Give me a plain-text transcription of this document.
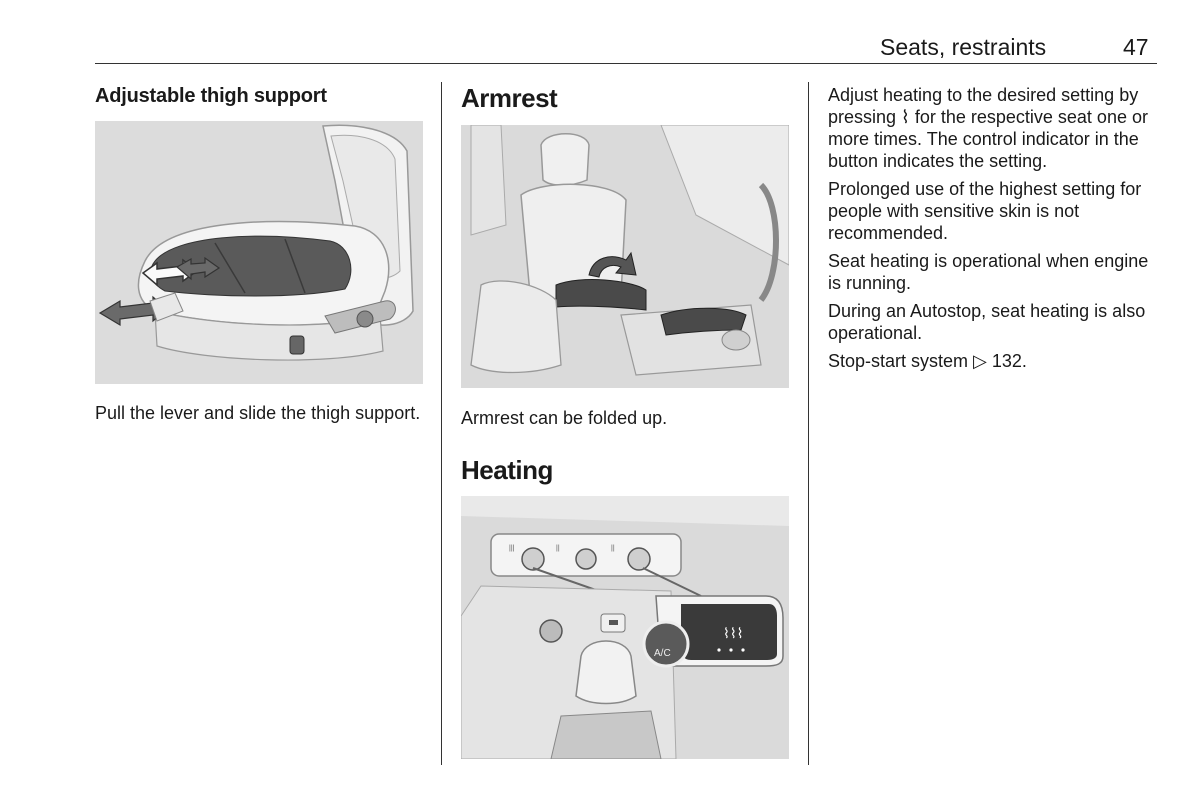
Seats, restraints	47
Adjustable thigh support
Pull the lever and slide the thigh support.
Armrest
Armrest can be folded up.
Heating
|||	||	||
A/C
⌇⌇⌇

Adjust heating to the desired setting by pressing ⌇ for the respective seat one or more times. The control indicator in the button indicates the setting.

Prolonged use of the highest setting for people with sensitive skin is not recommended.

Seat heating is operational when engine is running.

During an Autostop, seat heating is also operational.

Stop-start system ▷ 132.
